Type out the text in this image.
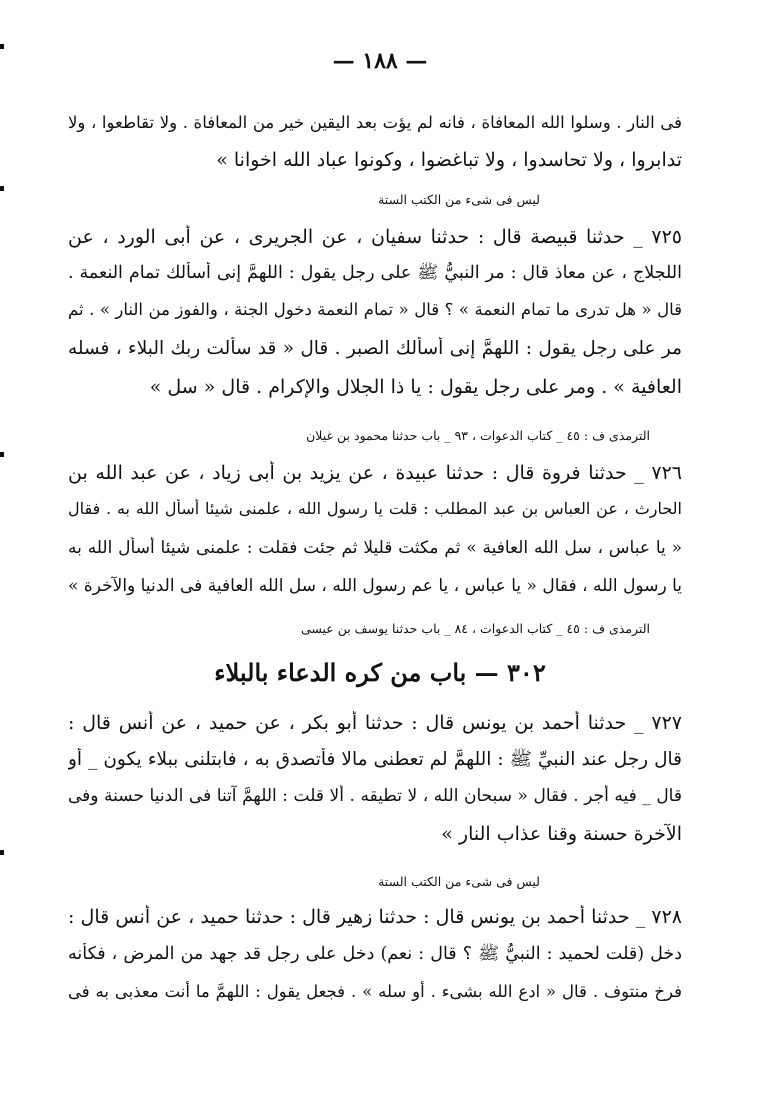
— ١٨٨ —
فى النار . وسلوا الله المعافاة ، فانه لم يؤت بعد اليقين خير من المعافاة . ولا تقاطعوا ، ولا
تدابروا ، ولا تحاسدوا ، ولا تباغضوا ، وكونوا عباد الله اخوانا »
ليس فى شىء من الكتب الستة
٧٢٥ _ حدثنا قبيصة قال : حدثنا سفيان ، عن الجريرى ، عن أبى الورد ، عن
اللجلاج ، عن معاذ قال : مر النبيُّ ﷺ على رجل يقول : اللهمَّ إنى أسألك تمام النعمة .
قال « هل تدرى ما تمام النعمة » ؟ قال « تمام النعمة دخول الجنة ، والفوز من النار » . ثم
مر على رجل يقول : اللهمَّ إنى أسألك الصبر . قال « قد سألت ربك البلاء ، فسله
العافية » . ومر على رجل يقول : يا ذا الجلال والإكرام . قال « سل »
الترمذى ف : ٤٥ _ كتاب الدعوات ، ٩٣ _ باب حدثنا محمود بن غيلان
٧٢٦ _ حدثنا فروة قال : حدثنا عبيدة ، عن يزيد بن أبى زياد ، عن عبد الله بن
الحارث ، عن العباس بن عبد المطلب : قلت يا رسول الله ، علمنى شيئا أسأل الله به . فقال
« يا عباس ، سل الله العافية » ثم مكثت قليلا ثم جئت فقلت : علمنى شيئا أسأل الله به
يا رسول الله ، فقال « يا عباس ، يا عم رسول الله ، سل الله العافية فى الدنيا والآخرة »
الترمذى ف : ٤٥ _ كتاب الدعوات ، ٨٤ _ باب حدثنا يوسف بن عيسى
٣٠٢ — باب من كره الدعاء بالبلاء
٧٢٧ _ حدثنا أحمد بن يونس قال : حدثنا أبو بكر ، عن حميد ، عن أنس قال :
قال رجل عند النبيِّ ﷺ : اللهمَّ لم تعطنى مالا فأتصدق به ، فابتلنى ببلاء يكون _ أو
قال _ فيه أجر . فقال « سبحان الله ، لا تطيقه . ألا قلت : اللهمَّ آتنا فى الدنيا حسنة وفى
الآخرة حسنة وقنا عذاب النار »
ليس فى شىء من الكتب الستة
٧٢٨ _ حدثنا أحمد بن يونس قال : حدثنا زهير قال : حدثنا حميد ، عن أنس قال :
دخل (قلت لحميد : النبيُّ ﷺ ؟ قال : نعم) دخل على رجل قد جهد من المرض ، فكأنه
فرخ منتوف . قال « ادع الله بشىء . أو سله » . فجعل يقول : اللهمَّ ما أنت معذبى به فى
